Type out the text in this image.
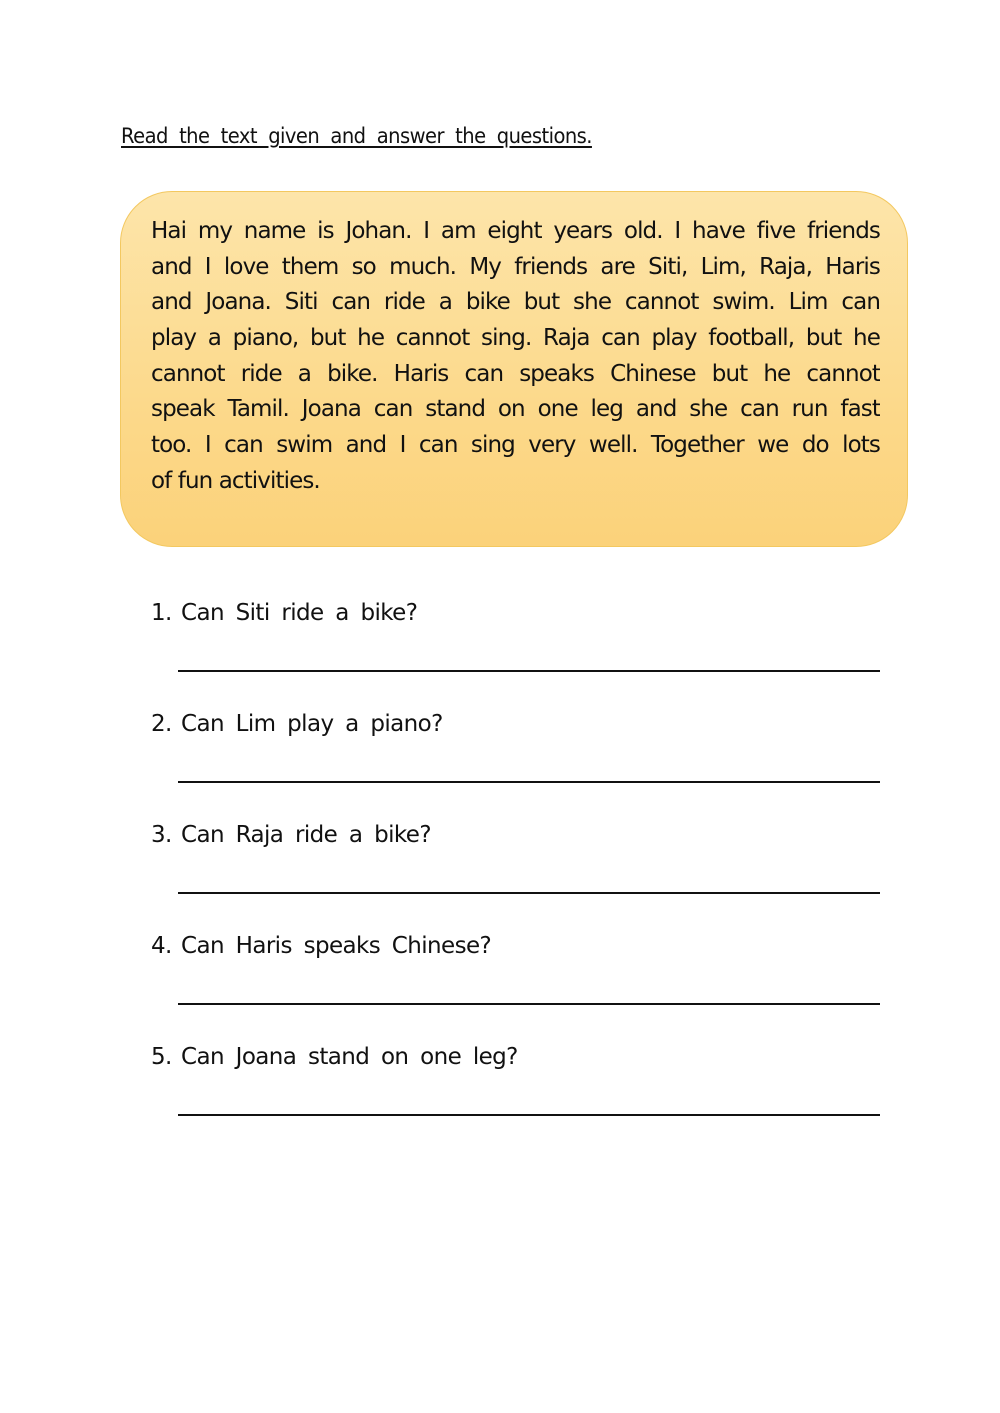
Read the text given and answer the questions.
Hai my name is Johan. I am eight years old. I have five friends
and I love them so much. My friends are Siti, Lim, Raja, Haris
and Joana. Siti can ride a bike but she cannot swim. Lim can
play a piano, but he cannot sing. Raja can play football, but he
cannot ride a bike. Haris can speaks Chinese but he cannot
speak Tamil. Joana can stand on one leg and she can run fast
too. I can swim and I can sing very well. Together we do lots
of fun activities.
1. Can Siti ride a bike?
2. Can Lim play a piano?
3. Can Raja ride a bike?
4. Can Haris speaks Chinese?
5. Can Joana stand on one leg?
